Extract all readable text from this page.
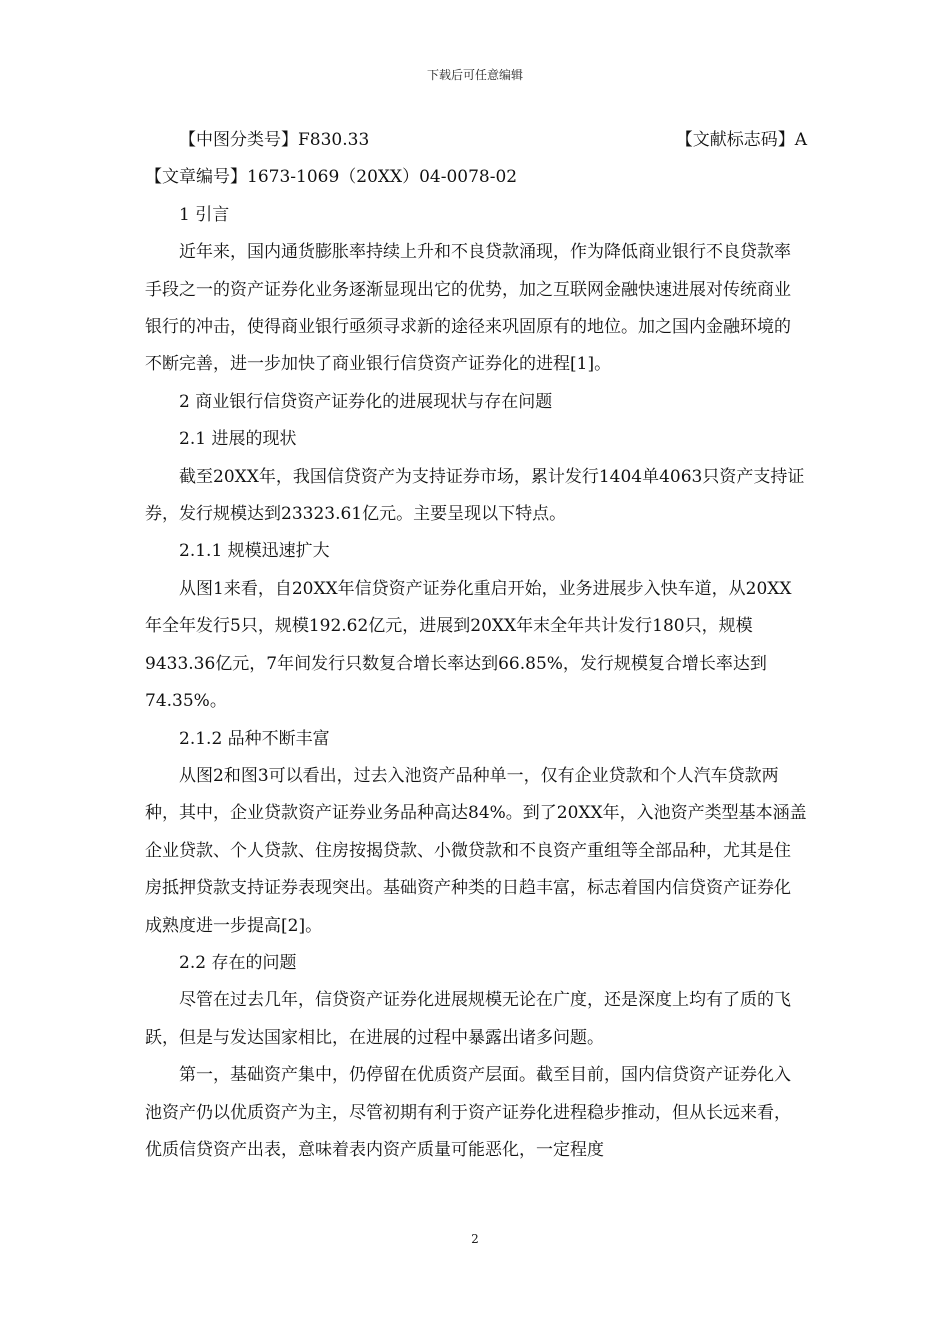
下载后可任意编辑

【中图分类号】F830.33	【文献标志码】A

【文章编号】1673-1069（20XX）04-0078-02

1 引言

近年来，国内通货膨胀率持续上升和不良贷款涌现，作为降低商业银行不良贷款率手段之一的资产证券化业务逐渐显现出它的优势，加之互联网金融快速进展对传统商业银行的冲击，使得商业银行亟须寻求新的途径来巩固原有的地位。加之国内金融环境的不断完善，进一步加快了商业银行信贷资产证券化的进程[1]。

2 商业银行信贷资产证券化的进展现状与存在问题

2.1 进展的现状

截至20XX年，我国信贷资产为支持证券市场，累计发行1404单4063只资产支持证券，发行规模达到23323.61亿元。主要呈现以下特点。

2.1.1 规模迅速扩大

从图1来看，自20XX年信贷资产证券化重启开始，业务进展步入快车道，从20XX年全年发行5只，规模192.62亿元，进展到20XX年末全年共计发行180只，规模9433.36亿元，7年间发行只数复合增长率达到66.85%，发行规模复合增长率达到74.35%。

2.1.2 品种不断丰富

从图2和图3可以看出，过去入池资产品种单一，仅有企业贷款和个人汽车贷款两种，其中，企业贷款资产证券业务品种高达84%。到了20XX年，入池资产类型基本涵盖企业贷款、个人贷款、住房按揭贷款、小微贷款和不良资产重组等全部品种，尤其是住房抵押贷款支持证券表现突出。基础资产种类的日趋丰富，标志着国内信贷资产证券化成熟度进一步提高[2]。

2.2 存在的问题

尽管在过去几年，信贷资产证券化进展规模无论在广度，还是深度上均有了质的飞跃，但是与发达国家相比，在进展的过程中暴露出诸多问题。

第一，基础资产集中，仍停留在优质资产层面。截至目前，国内信贷资产证券化入池资产仍以优质资产为主，尽管初期有利于资产证券化进程稳步推动，但从长远来看，优质信贷资产出表，意味着表内资产质量可能恶化，一定程度

2
